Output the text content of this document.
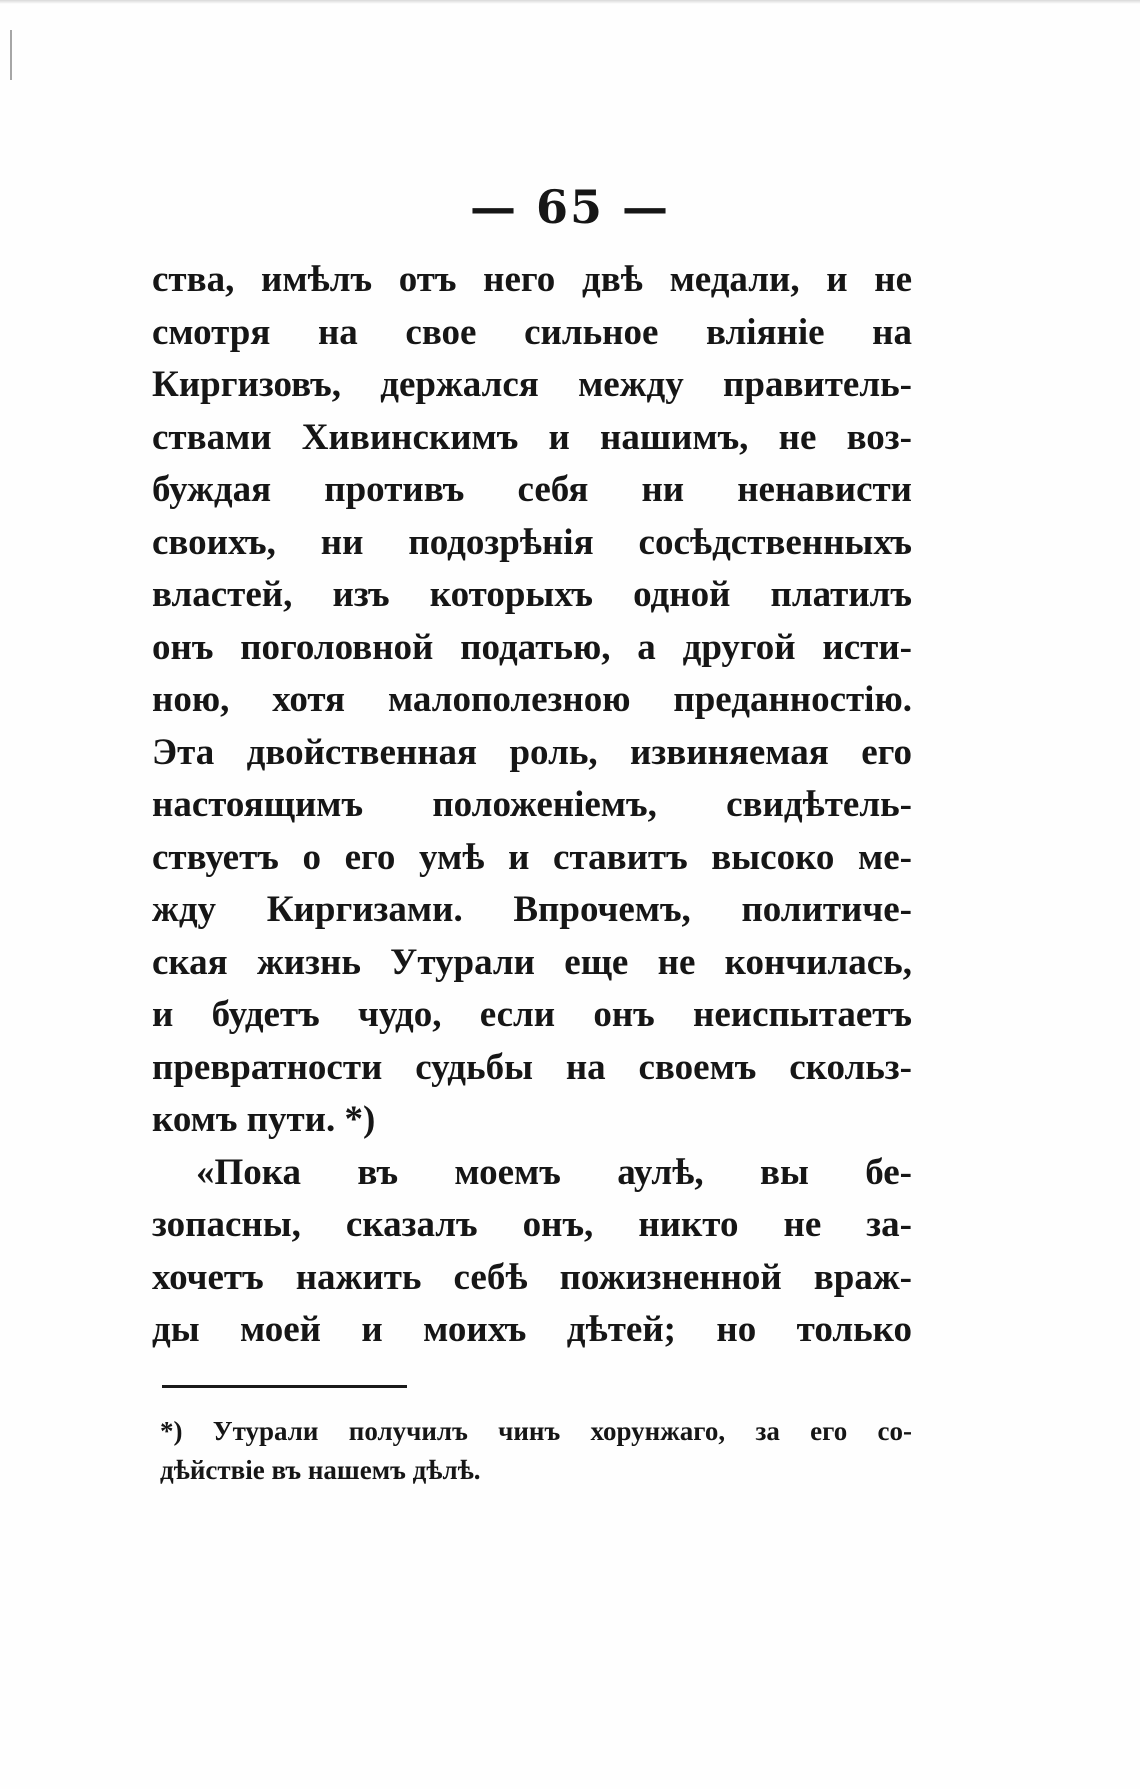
— 65 —
ства, имѣлъ отъ него двѣ медали, и не
смотря на свое сильное влiянie на
Киргизовъ, держался между правитель-
ствами Хивинскимъ и нашимъ, не воз-
буждая противъ себя ни ненависти
своихъ, ни подозрѣнія сосѣдственныхъ
властей, изъ которыхъ одной платилъ
онъ поголовной податью, а другой исти-
ною, хотя малополезною преданностію.
Эта двойственная роль, извиняемая его
настоящимъ положеніемъ, свидѣтель-
ствуетъ о его умѣ и ставитъ высоко ме-
жду Киргизами. Впрочемъ, политиче-
ская жизнь Утурали еще не кончилась,
и будетъ чудо, если онъ неиспытаетъ
превратности судьбы на своемъ скольз-
комъ пути. *)
«Пока въ моемъ аулѣ, вы бе-
зопасны, сказалъ онъ, никто не за-
хочетъ нажить себѣ пожизненной враж-
ды моей и моихъ дѣтей; но только
*) Утурали получилъ чинъ хорунжаго, за его со-
дѣйствіе въ нашемъ дѣлѣ.
